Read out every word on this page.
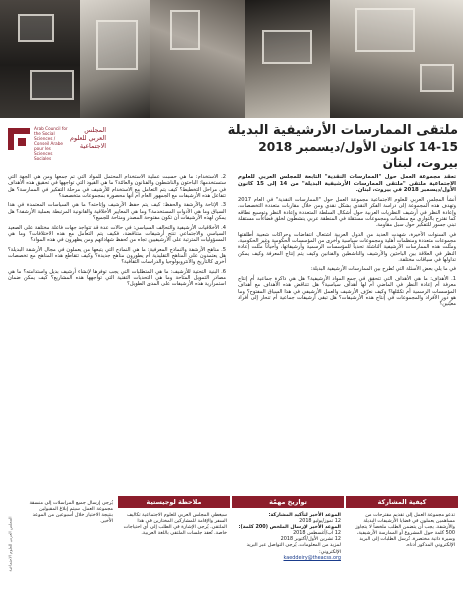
Arab Council for the Social Sciences / Conseil Arabe pour les Sciences Sociales
المجلس العربي للعلوم الاجتماعية
ملتقى الممارسات الأرشيفية البديلة
14-15 كانون الأول/ديسمبر 2018
بيروت، لبنان

تعقد مجموعة العمل حول "الممارسات النقدية" التابعة للمجلس العربي للعلوم الاجتماعية ملتقى "ملتقى الممارسات الأرشيفية البديلة" من 14 إلى 15 كانون الأول/ديسمبر 2018 في بيروت، لبنان.

أنشأ المجلس العربي للعلوم الاجتماعية مجموعة العمل حول "الممارسات النقدية" في العام 2017 وتهدف هذه المجموعة إلى دراسة الفكر النقدي بشكل نقدي ومن خلال مقاربات متعددة التخصصات، وإعادة النظر في أرشيف النظريات العربية حول أشكال السلطة المتعددة وإعادة النظر وتوسيع نطاقه كما نقترح بالتوازي مع منظمات ومجموعات مستقلة في المنطقة عربي ينشطون لخلق فضاءات مستقلة تبني جسور للتفكير حول سبل مقاومة.

في السنوات الأخيرة، شهدت العديد من الدول العربية اشتعال انتفاضات وحراكات شعبية أطلقتها مجموعات متعددة ومنظمات أهلية ومجموعات سياسية وأخرى من المؤسسات الحكومية وغير الحكومية، ومثّلت هذه الممارسات الأرشيفية الناشئة تحدياً للمؤسسات الرسمية وأرشيفاتها، وأحياناً مثّلت إعادة النظر في العلاقة بين الباحثين والأرشيف والناشطين والفنانين وكيف يتم إنتاج المعرفة وكيف يمكن تداولها في سياقات مختلفة.

في ما يلي بعض الأسئلة التي تُطرح بين الممارسات الأرشيفية البديلة:

1. الأهداف: ما هي الأهداف التي تتحقق في جمع المواد الأرشيفية؟ هل هي ذاكرة جماعية أم إنتاج معرفة أم إعادة النظر في الماضي أم لها أهداف سياسية؟ هل تتناقض هذه الأهداف مع أهداف المؤسسات الرسمية أم تكمّلها؟ وكيف نعرّف الأرشيف والعمل الأرشيفي في هذا السياق المفتوح؟ وما هو دور الأفراد والمجموعات في إنتاج هذه الأرشيفات؟ هل تبقى أرشيفات جماعية أم تنحاز إلى أفراد معيّنين؟

2. الاستخدام: ما هي حسبت عملية الاستخدام المحتمل للمواد التي تم جمعها ومن هي الجهة التي ستستخدمها: الباحثون والناشطون والفنانون والعامّة؟ ما هي القيود التي تواجهها في تحقيق هذه الأهداف في مراحل التخطيط؟ كيف يتم التعامل مع الاستخدام للأرشيف في مرحلة التفكير في الممارسة؟ هل تتفاعل هذه الأرشيفات مع الجمهور العام أم أنها محصورة بمجموعات متخصصة؟

3. الإتاحة والأرشفة والحفظ: كيف يتم حفظ الأرشيف وإتاحته؟ ما هي السياسات المعتمدة في هذا السياق وما هي الأدوات المستخدمة؟ وما هي المعايير الأخلاقية والقانونية المرتبطة بعملية الأرشفة؟ هل يمكن لهذه الأرشيفات أن تكون مفتوحة المصدر ومتاحة للجميع؟

4. الأخلاقيات الأرشيفية والتحالف السياسي: في حالات عدة قد تتواجد جهات فاعلة مختلفة على الصعيد السياسي والاجتماعي تنتج أرشيفات متناقضة، فكيف يتم التعامل مع هذه الاختلافات؟ وما هي المسؤوليات المترتبة على الأرشيفيين تجاه من تُحفظ شهاداتهم ومن يظهرون في هذه المواد؟

5. مناهج الأرشفة والنماذج المعرفية: ما هي النماذج التي يتبعها من يعملون في مجال الأرشفة البديلة؟ هل يعتمدون على المناهج التقليدية أم يطورون مناهج جديدة؟ وكيف تتقاطع هذه المناهج مع تخصصات أخرى كالتاريخ والأنثروبولوجيا والدراسات الثقافية؟

6. البنية التحتية للأرشيف: ما هي المتطلبات التي يجب توفرها لإنشاء أرشيف بديل واستدامته؟ ما هي مصادر التمويل المتاحة وما هي التحديات التقنية التي تواجهها هذه المشاريع؟ كيف يمكن ضمان استمرارية هذه الأرشيفات على المدى الطويل؟

كيفية المشاركة
تدعو مجموعة العمل إلى تقديم مقترحات من مساهمين يعملون في قضايا الأرشيفات البديلة والأرشفة. يجب أن يتضمن الطلب ملخصاً لا يتجاوز 500 كلمة حول المشروع أو الممارسة الأرشيفية، وسيرة ذاتية مختصرة. تُرسل الطلبات إلى البريد الإلكتروني المذكور أدناه.
تواريخ مهمّة
الموعد الأخير لتأكيد المشاركة:
12 تموز/يوليو 2018
الموعد الأخير لإرسال الملخص (200 كلمة):
12 آب/أغسطس 2018
12 تشرين الأول/أكتوبر 2018
لمزيد من المعلومات، يُرجى التواصل عبر البريد الإلكتروني:
kaeddeiry@theacss.org
ملاحظة لوجيستية
سيغطي المجلس العربي للعلوم الاجتماعية تكاليف السفر والإقامة للمشاركين المختارين في هذا الملتقى. يُرجى الإشارة في الطلب إلى أي احتياجات خاصة. تُعقد جلسات الملتقى باللغة العربية.
يُرجى إرسال جميع المراسلات إلى منسقة مجموعة العمل. سيتم إبلاغ المقبولين بنتيجة الاختيار خلال أسبوعين من الموعد الأخير.
المجلس العربي للعلوم الاجتماعية
